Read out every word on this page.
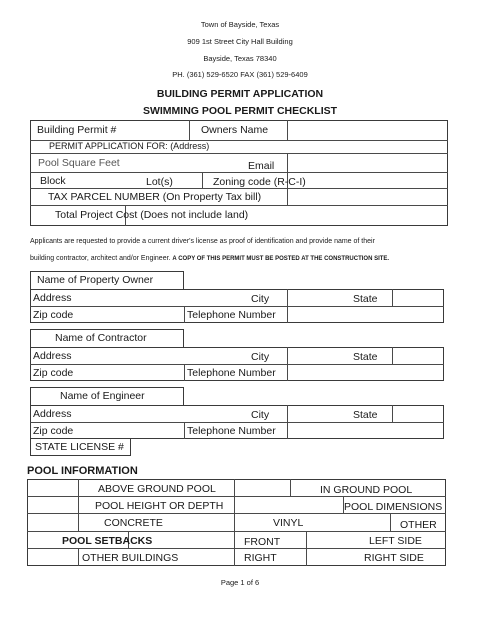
Town of Bayside, Texas
909 1st Street City Hall Building
Bayside, Texas 78340
PH. (361) 529-6520 FAX (361) 529-6409
BUILDING PERMIT APPLICATION
SWIMMING POOL PERMIT CHECKLIST
Building Permit #	Owners Name
PERMIT APPLICATION FOR: (Address)
Pool Square Feet	Email
Block	Lot(s)	Zoning code (R-C-I)
TAX PARCEL NUMBER (On Property Tax bill)
Total Project Cost (Does not include land)
Applicants are requested to provide a current driver's license as proof of identification and provide name of their
building contractor, architect and/or Engineer. A COPY OF THIS PERMIT MUST BE POSTED AT THE CONSTRUCTION SITE.
Name of Property Owner
Address	City	State
Zip code	Telephone Number
Name of Contractor
Address	City	State
Zip code	Telephone Number
Name of Engineer
Address	City	State
Zip code	Telephone Number
STATE LICENSE #
POOL INFORMATION
ABOVE GROUND POOL	IN GROUND POOL
POOL HEIGHT OR DEPTH	POOL DIMENSIONS
CONCRETE	VINYL	OTHER
POOL SETBACKS	FRONT	LEFT SIDE
OTHER BUILDINGS	RIGHT	RIGHT SIDE
Page 1 of 6
